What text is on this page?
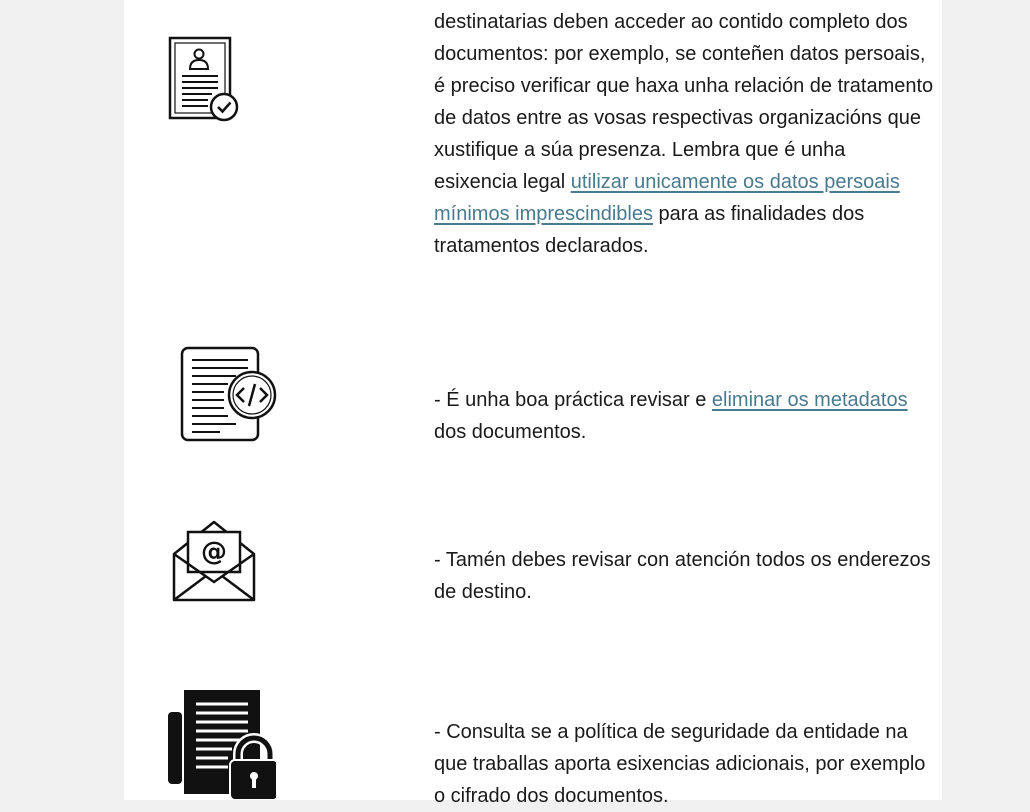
destinatarias deben acceder ao contido completo dos documentos: por exemplo, se conteñen datos persoais, é preciso verificar que haxa unha relación de tratamento de datos entre as vosas respectivas organizacións que xustifique a súa presenza. Lembra que é unha esixencia legal utilizar unicamente os datos persoais mínimos imprescindibles para as finalidades dos tratamentos declarados.
- É unha boa práctica revisar e eliminar os metadatos dos documentos.
@	- Tamén debes revisar con atención todos os enderezos de destino.
- Consulta se a política de seguridade da entidade na que traballas aporta esixencias adicionais, por exemplo o cifrado dos documentos.
